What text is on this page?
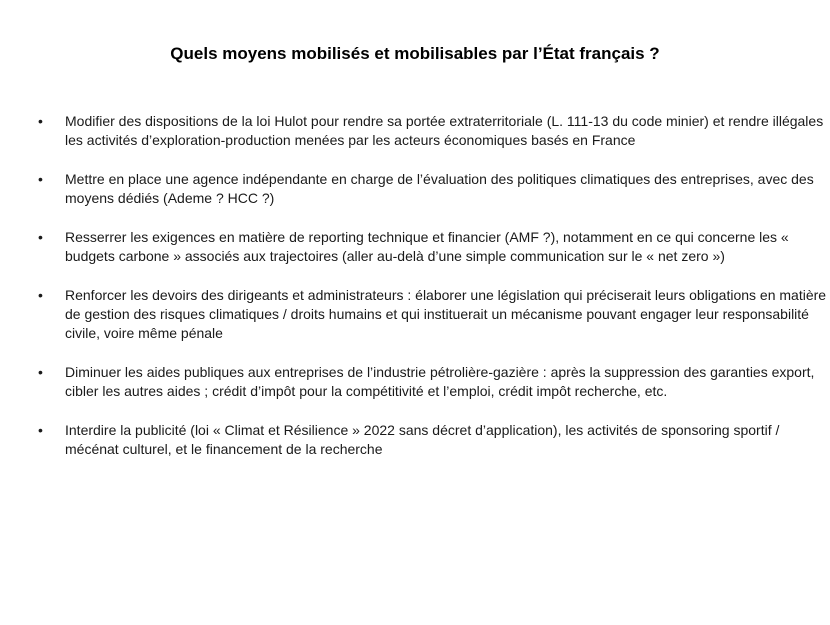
Quels moyens mobilisés et mobilisables par l’État français ?
• Modifier des dispositions de la loi Hulot pour rendre sa portée extraterritoriale (L. 111-13 du code minier) et rendre illégales les activités d’exploration-production menées par les acteurs économiques basés en France
• Mettre en place une agence indépendante en charge de l’évaluation des politiques climatiques des entreprises, avec des moyens dédiés (Ademe ? HCC ?)
• Resserrer les exigences en matière de reporting technique et financier (AMF ?), notamment en ce qui concerne les « budgets carbone » associés aux trajectoires (aller au-delà d’une simple communication sur le « net zero »)
• Renforcer les devoirs des dirigeants et administrateurs : élaborer une législation qui préciserait leurs obligations en matière de gestion des risques climatiques / droits humains et qui instituerait un mécanisme pouvant engager leur responsabilité civile, voire même pénale
• Diminuer les aides publiques aux entreprises de l’industrie pétrolière-gazière : après la suppression des garanties export, cibler les autres aides ; crédit d’impôt pour la compétitivité et l’emploi, crédit impôt recherche, etc.
• Interdire la publicité (loi « Climat et Résilience » 2022 sans décret d’application), les activités de sponsoring sportif / mécénat culturel, et le financement de la recherche
